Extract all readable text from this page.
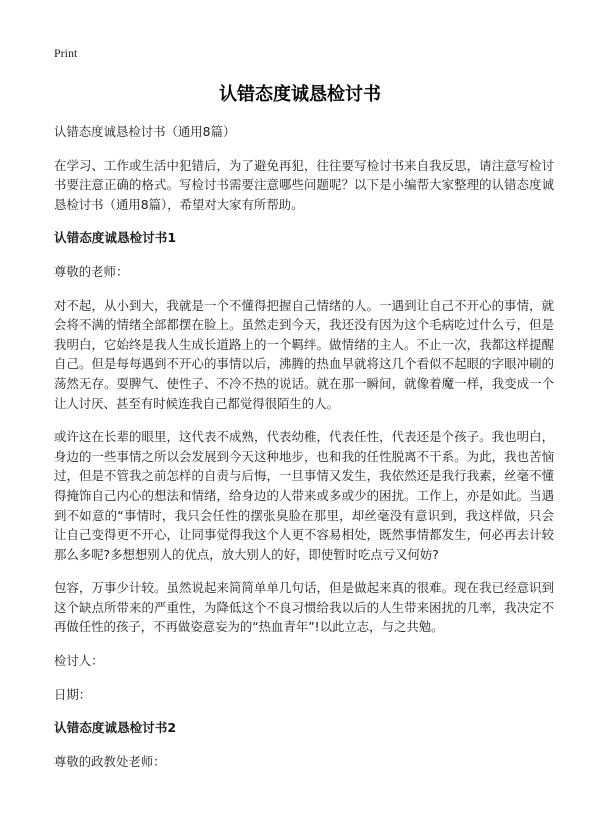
Print
认错态度诚恳检讨书

认错态度诚恳检讨书（通用8篇）

在学习、工作或生活中犯错后，为了避免再犯，往往要写检讨书来自我反思，请注意写检讨书要注意正确的格式。写检讨书需要注意哪些问题呢？以下是小编帮大家整理的认错态度诚恳检讨书（通用8篇），希望对大家有所帮助。

认错态度诚恳检讨书1

尊敬的老师：

对不起，从小到大，我就是一个不懂得把握自己情绪的人。一遇到让自己不开心的事情，就会将不满的情绪全部都摆在脸上。虽然走到今天，我还没有因为这个毛病吃过什么亏，但是我明白，它始终是我人生成长道路上的一个羁绊。做情绪的主人。不止一次，我都这样提醒自己。但是每每遇到不开心的事情以后，沸腾的热血早就将这几个看似不起眼的字眼冲刷的荡然无存。耍脾气、使性子、不冷不热的说话。就在那一瞬间，就像着魔一样，我变成一个让人讨厌、甚至有时候连我自己都觉得很陌生的人。

或许这在长辈的眼里，这代表不成熟，代表幼稚，代表任性，代表还是个孩子。我也明白，身边的一些事情之所以会发展到今天这种地步，也和我的任性脱离不干系。为此，我也苦恼过，但是不管我之前怎样的自责与后悔，一旦事情又发生，我依然还是我行我素，丝毫不懂得掩饰自己内心的想法和情绪，给身边的人带来或多或少的困扰。工作上，亦是如此。当遇到不如意的“事情时，我只会任性的摆张臭脸在那里，却丝毫没有意识到，我这样做，只会让自己变得更不开心，让同事觉得我这个人更不容易相处，既然事情都发生，何必再去计较那么多呢?多想想别人的优点，放大别人的好，即使暂时吃点亏又何妨?

包容，万事少计较。虽然说起来简简单单几句话，但是做起来真的很难。现在我已经意识到这个缺点所带来的严重性，为降低这个不良习惯给我以后的人生带来困扰的几率，我决定不再做任性的孩子，不再做姿意妄为的“热血青年”!以此立志，与之共勉。

检讨人：

日期：

认错态度诚恳检讨书2

尊敬的政教处老师：
